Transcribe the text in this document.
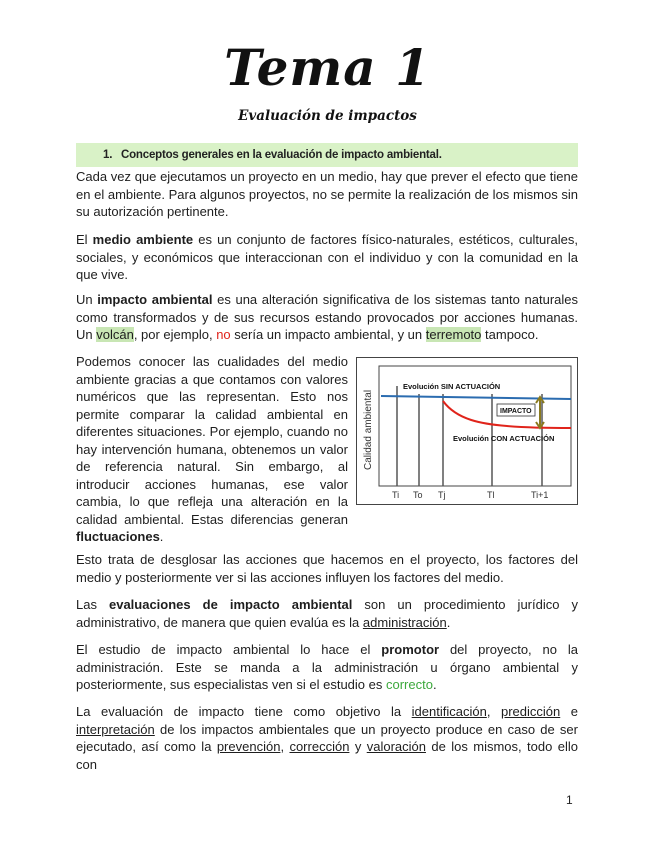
Tema 1
Evaluación de impactos
1. Conceptos generales en la evaluación de impacto ambiental.

Cada vez que ejecutamos un proyecto en un medio, hay que prever el efecto que tiene en el ambiente. Para algunos proyectos, no se permite la realización de los mismos sin su autorización pertinente.

El medio ambiente es un conjunto de factores físico-naturales, estéticos, culturales, sociales, y económicos que interaccionan con el individuo y con la comunidad en la que vive.

Un impacto ambiental es una alteración significativa de los sistemas tanto naturales como transformados y de sus recursos estando provocados por acciones humanas. Un volcán, por ejemplo, no sería un impacto ambiental, y un terremoto tampoco.

Podemos conocer las cualidades del medio ambiente gracias a que contamos con valores numéricos que las representan. Esto nos permite comparar la calidad ambiental en diferentes situaciones. Por ejemplo, cuando no hay intervención humana, obtenemos un valor de referencia natural. Sin embargo, al introducir acciones humanas, ese valor cambia, lo que refleja una alteración en la calidad ambiental. Estas diferencias generan fluctuaciones.

Calidad ambiental
Evolución SIN ACTUACIÓN
IMPACTO
Evolución CON ACTUACIÓN
Ti To Tj	Tl	Ti+1

Esto trata de desglosar las acciones que hacemos en el proyecto, los factores del medio y posteriormente ver si las acciones influyen los factores del medio.

Las evaluaciones de impacto ambiental son un procedimiento jurídico y administrativo, de manera que quien evalúa es la administración.

El estudio de impacto ambiental lo hace el promotor del proyecto, no la administración. Este se manda a la administración u órgano ambiental y posteriormente, sus especialistas ven si el estudio es correcto.

La evaluación de impacto tiene como objetivo la identificación, predicción e interpretación de los impactos ambientales que un proyecto produce en caso de ser ejecutado, así como la prevención, corrección y valoración de los mismos, todo ello con

1
